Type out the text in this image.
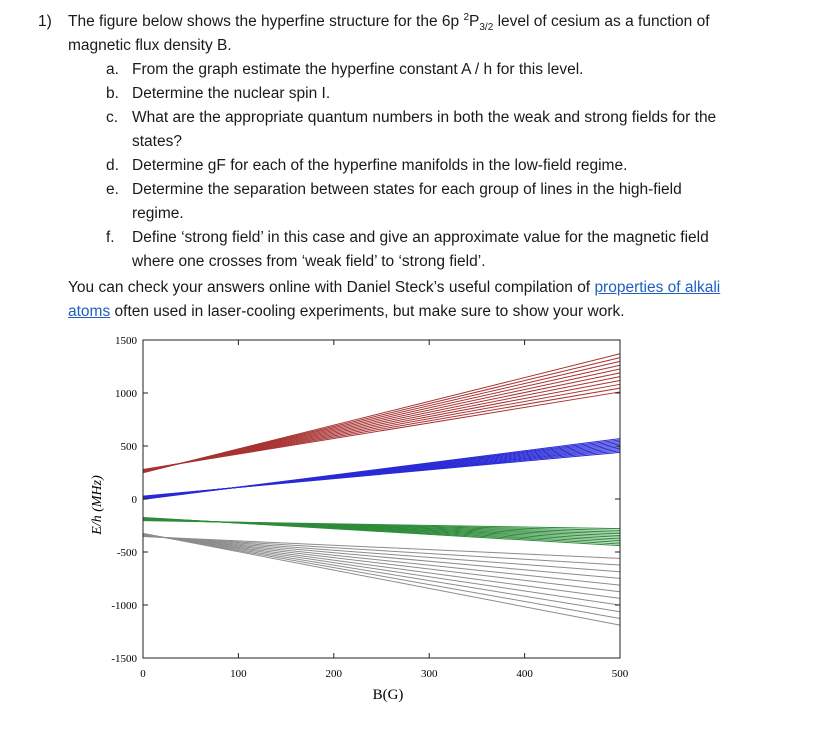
1) The figure below shows the hyperfine structure for the 6p $^2P_{3/2}$ level of cesium as a function of
magnetic flux density B.
a. From the graph estimate the hyperfine constant A / h for this level.
b. Determine the nuclear spin I.
c. What are the appropriate quantum numbers in both the weak and strong fields for the
states?
d. Determine gF for each of the hyperfine manifolds in the low-field regime.
e. Determine the separation between states for each group of lines in the high-field
regime.
f. Define ‘strong field’ in this case and give an approximate value for the magnetic field
where one crosses from ‘weak field’ to ‘strong field’.
You can check your answers online with Daniel Steck’s useful compilation of properties of alkali
atoms often used in laser-cooling experiments, but make sure to show your work.
0	100	200	300	400	500
1500
1000
500
0
-500
-1000
-1500
B(G)
E/h (MHz)
